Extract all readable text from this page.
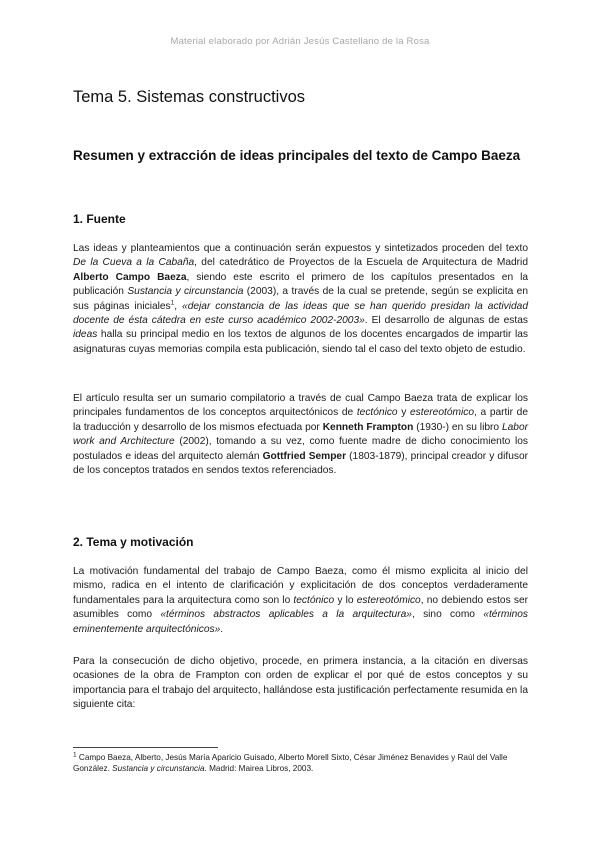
Material elaborado por Adrián Jesús Castellano de la Rosa
Tema 5. Sistemas constructivos
Resumen y extracción de ideas principales del texto de Campo Baeza
1. Fuente
Las ideas y planteamientos que a continuación serán expuestos y sintetizados proceden del texto De la Cueva a la Cabaña, del catedrático de Proyectos de la Escuela de Arquitectura de Madrid Alberto Campo Baeza, siendo este escrito el primero de los capítulos presentados en la publicación Sustancia y circunstancia (2003), a través de la cual se pretende, según se explicita en sus páginas iniciales$^1$, «dejar constancia de las ideas que se han querido presidan la actividad docente de ésta cátedra en este curso académico 2002-2003». El desarrollo de algunas de estas ideas halla su principal medio en los textos de algunos de los docentes encargados de impartir las asignaturas cuyas memorias compila esta publicación, siendo tal el caso del texto objeto de estudio.
El artículo resulta ser un sumario compilatorio a través de cual Campo Baeza trata de explicar los principales fundamentos de los conceptos arquitectónicos de tectónico y estereotómico, a partir de la traducción y desarrollo de los mismos efectuada por Kenneth Frampton (1930-) en su libro Labor work and Architecture (2002), tomando a su vez, como fuente madre de dicho conocimiento los postulados e ideas del arquitecto alemán Gottfried Semper (1803-1879), principal creador y difusor de los conceptos tratados en sendos textos referenciados.
2. Tema y motivación
La motivación fundamental del trabajo de Campo Baeza, como él mismo explicita al inicio del mismo, radica en el intento de clarificación y explicitación de dos conceptos verdaderamente fundamentales para la arquitectura como son lo tectónico y lo estereotómico, no debiendo estos ser asumibles como «términos abstractos aplicables a la arquitectura», sino como «términos eminentemente arquitectónicos».
Para la consecución de dicho objetivo, procede, en primera instancia, a la citación en diversas ocasiones de la obra de Frampton con orden de explicar el por qué de estos conceptos y su importancia para el trabajo del arquitecto, hallándose esta justificación perfectamente resumida en la siguiente cita:
$^1$ Campo Baeza, Alberto, Jesús María Aparicio Guisado, Alberto Morell Sixto, César Jiménez Benavides y Raúl del Valle González. Sustancia y circunstancia. Madrid: Mairea Libros, 2003.
